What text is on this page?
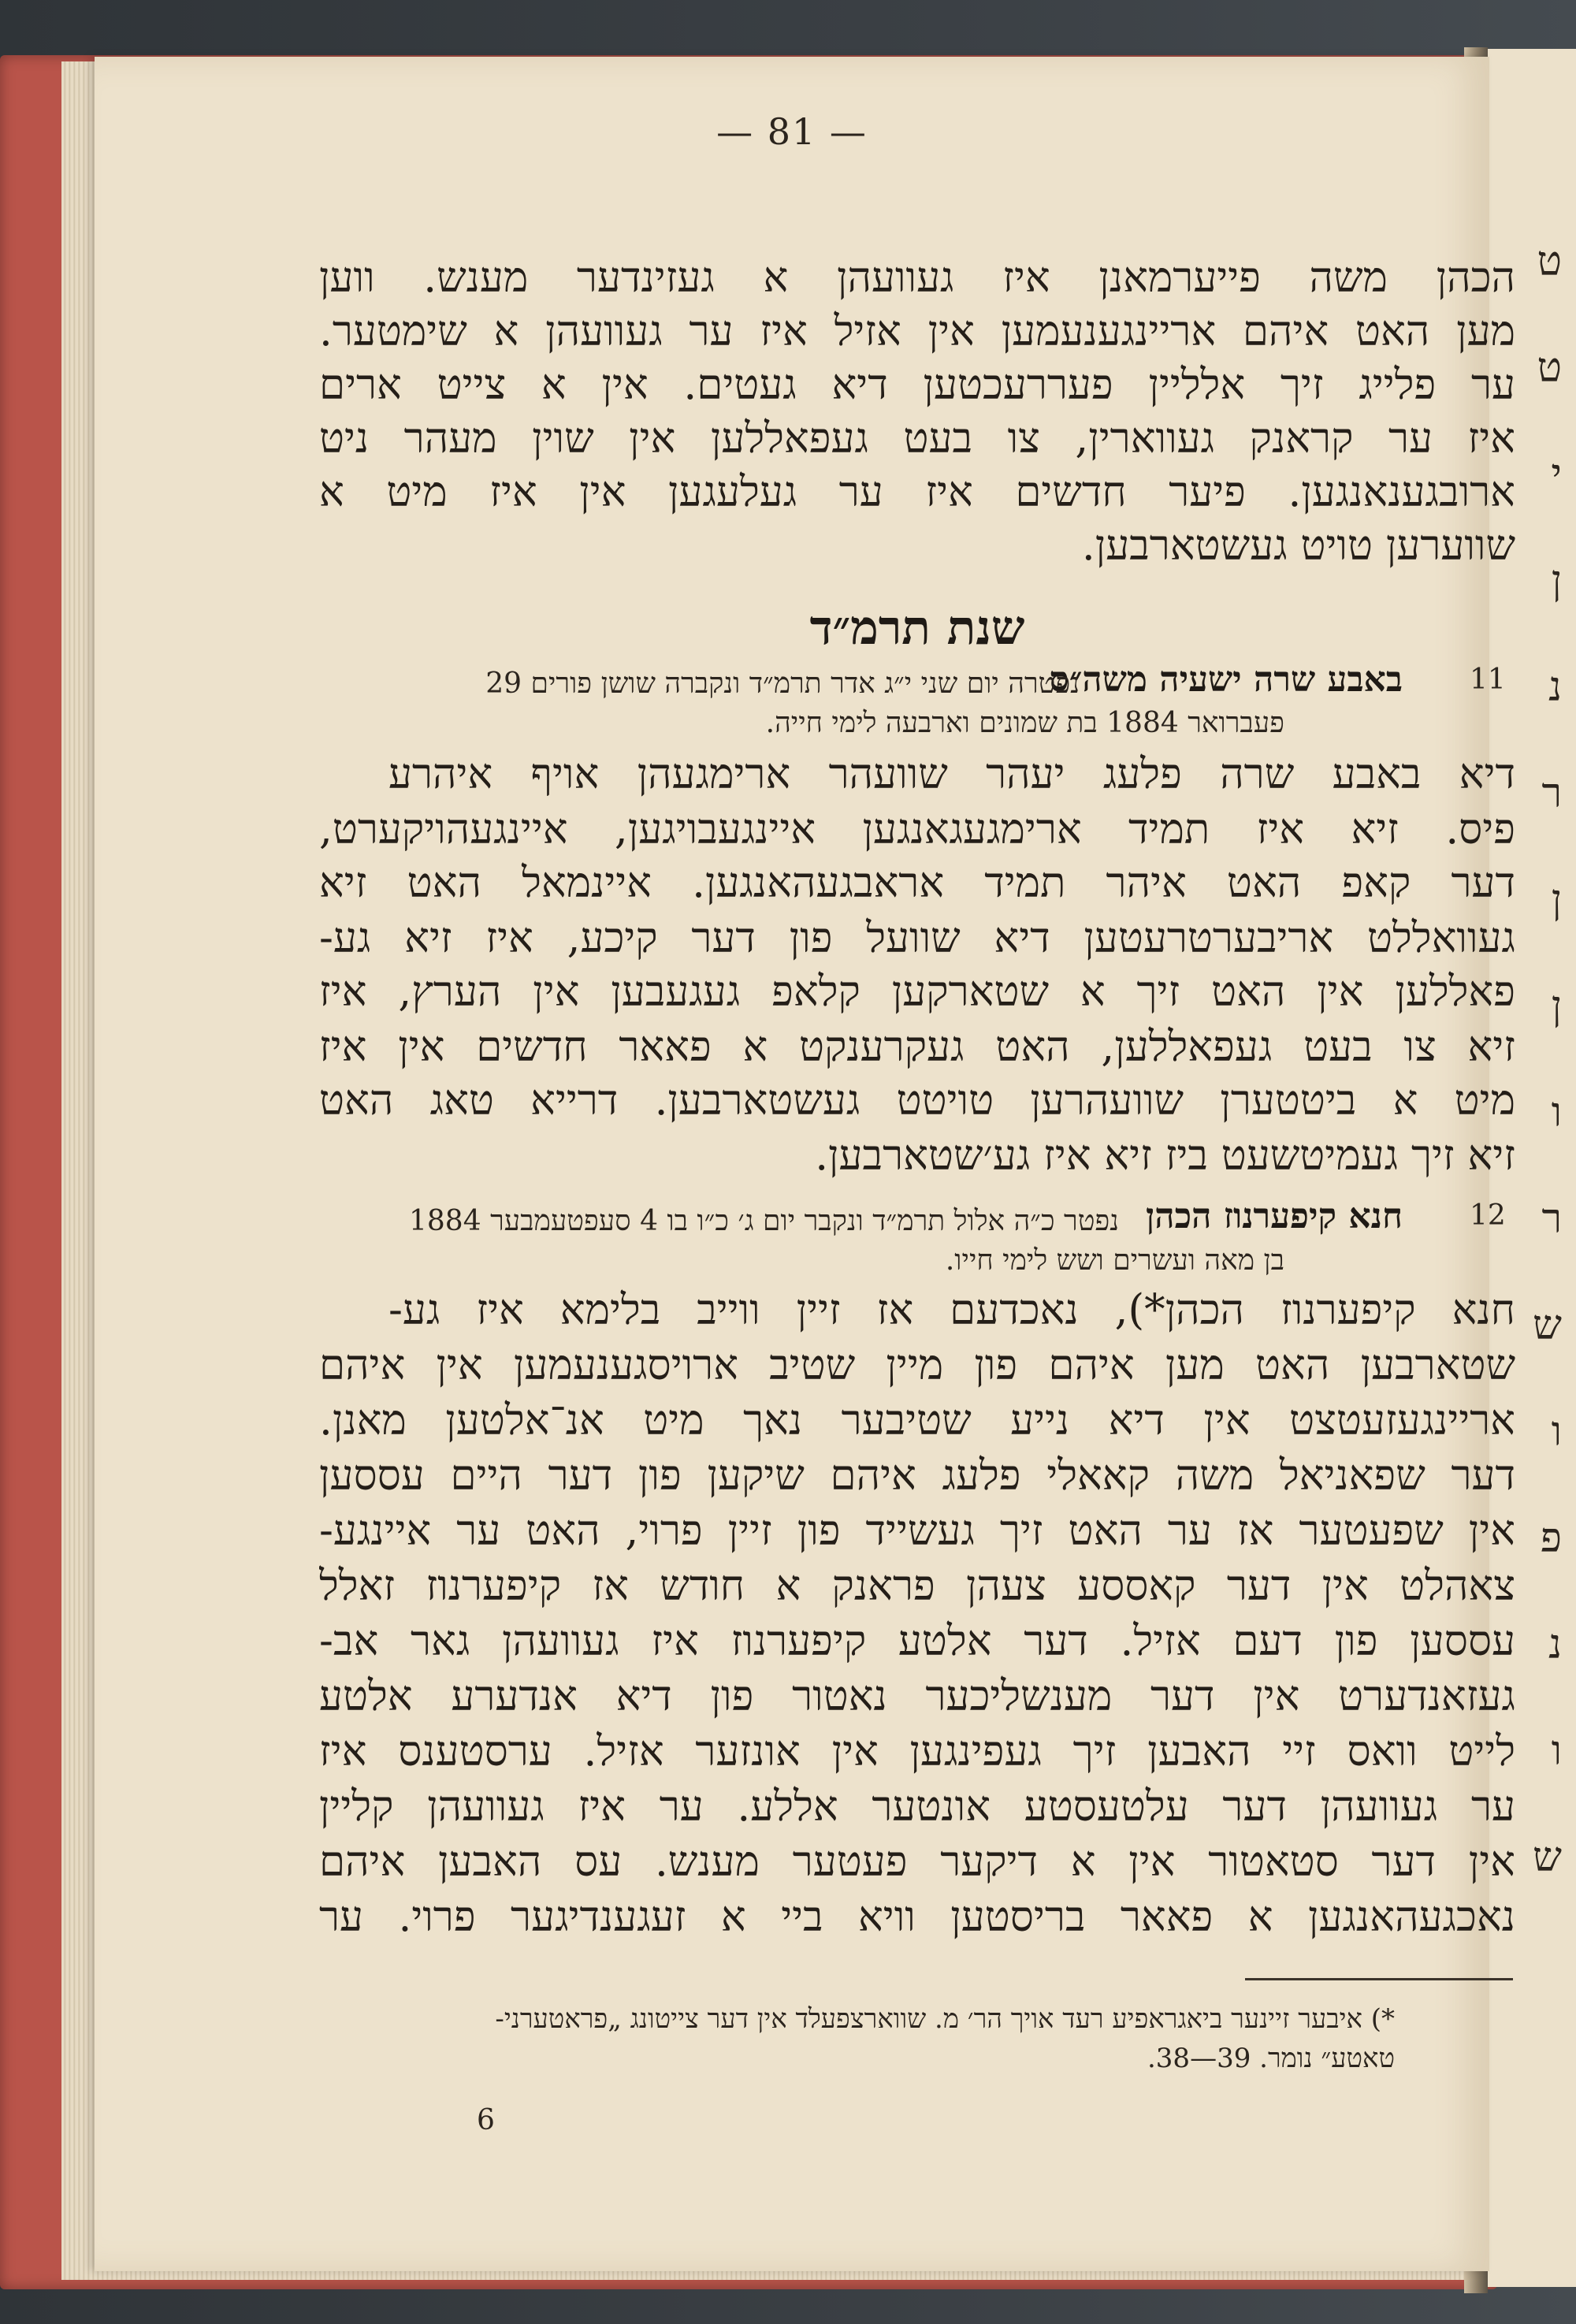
ט
ט
י
ן
נ
ר
ן
ן
ו
ר
ש
ו
פ
נ
ו
ש
— 81 —
הכהן משה פייערמאנן איז געוועהן א געזינדער מענש. ווען
מען האט איהם אריינגענעמען אין אזיל איז ער געוועהן א שימטער.
ער פלייג זיך אלליין פעררעכטען דיא געטים. אין א צייט ארים
איז ער קראנק געווארין, צו בעט געפאללען אין שוין מעהר ניט
ארובגענאנגען. פיער חדשים איז ער געלעגען אין איז מיט א
שווערען טויט געשטארבען.
שנת תרמ״ד
11
באבע שרה ישעיה משה״ס
נפטרה יום שני י״ג אדר תרמ״ד ונקברה שושן פורים 29
פעברואר 1884 בת שמונים וארבעה לימי חייה.
דיא באבע שרה פלעג יעהר שוועהר ארימגעהן אויף איהרע
פיס. זיא איז תמיד ארימגעגאנגען איינגעבויגען, איינגעהויקערט,
דער קאפ האט איהר תמיד אראבגעהאנגען. איינמאל האט זיא
געוואללט אריבערטרעטען דיא שוועל פון דער קיכע, איז זיא גע-
פאללען אין האט זיך א שטארקען קלאפ געגעבען אין הערץ, איז
זיא צו בעט געפאללען, האט געקרענקט א פאאר חדשים אין איז
מיט א ביטטערן שוועהרען טויטט געשטארבען. דרייא טאג האט
זיא זיך געמיטשעט ביז זיא איז גע׳שטארבען.
12
חנא קיפערנוז הכהן
נפטר כ״ה אלול תרמ״ד ונקבר יום ג׳ כ״ו בו 4 סעפטעמבער 1884
בן מאה ועשרים ושש לימי חייו.
חנא קיפערנוז הכהן*), נאכדעם אז זיין ווייב בלימא איז גע-
שטארבען האט מען איהם פון מיין שטיב ארויסגענעמען אין איהם
אריינגעזעטצט אין דיא נייע שטיבער נאך מיט אנ־אלטען מאנן.
דער שפאניאל משה קאאלי פלעג איהם שיקען פון דער היים עססען
אין שפעטער אז ער האט זיך געשייד פון זיין פרוי, האט ער איינגע-
צאהלט אין דער קאססע צעהן פראנק א חודש אז קיפערנוז זאלל
עססען פון דעם אזיל. דער אלטע קיפערנוז איז געוועהן גאר אב-
געזאנדערט אין דער מענשליכער נאטור פון דיא אנדערע אלטע
לייט וואס זיי האבען זיך געפינגען אין אונזער אזיל. ערסטענס איז
ער געוועהן דער עלטעסטע אונטער אללע. ער איז געוועהן קליין
אין דער סטאטור אין א דיקער פעטער מענש. עס האבען איהם
נאכגעהאנגען א פאאר בריסטען וויא ביי א זעגענדיגער פרוי. ער
*) איבער זיינער ביאגראפיע רעד אויך הר׳ מ. שווארצפעלד אין דער צייטונג „פראטערני-
טאטע״ נומר. 39—38.
6
